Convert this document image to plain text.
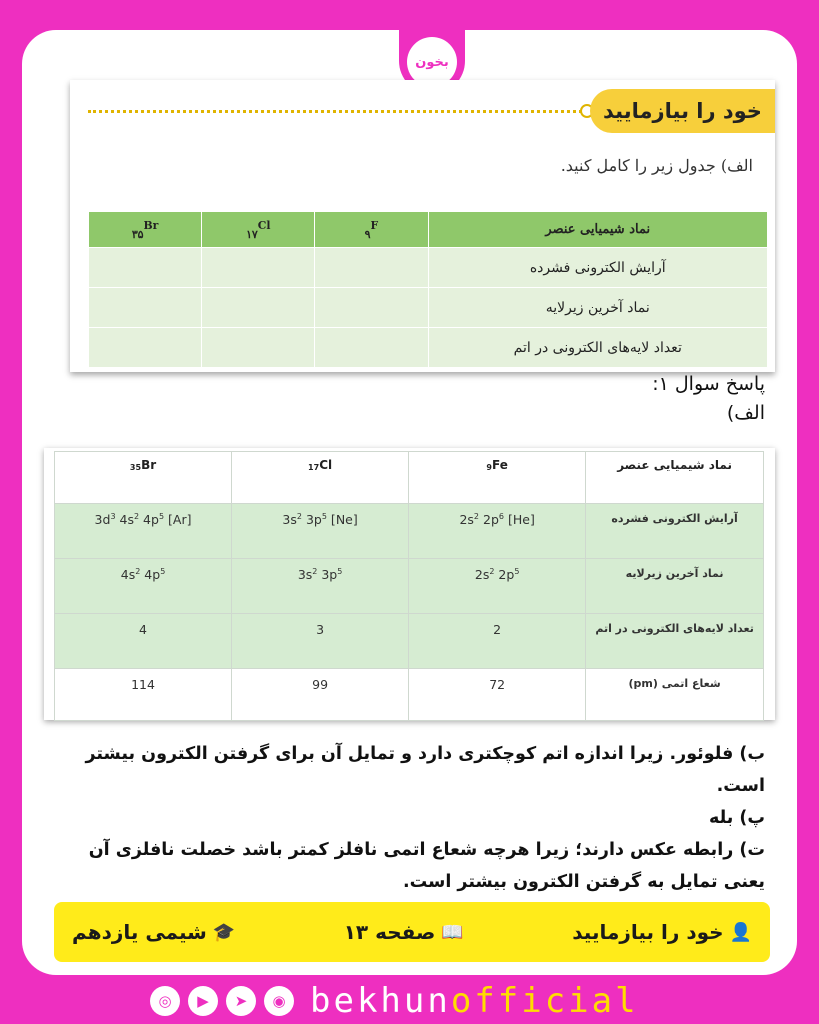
بخون
خود را بیازمایید
الف) جدول زیر را کامل کنید.
نماد شیمیایی عنصر	$_۹^F$	$_{۱۷}^{Cl}$	$_{۳۵}^{Br}$
آرایش الکترونی فشرده			
نماد آخرین زیرلایه			
تعداد لایه‌های الکترونی در اتم			
پاسخ سوال ۱:
الف)
نماد شیمیایی عنصر	9Fe	17Cl	35Br
آرایش الکترونی فشرده	[He] $2s^2$ $2p^6$	[Ne] $3s^2$ $3p^5$	[Ar] $3d^3$ $4s^2$ $4p^5$
نماد آخرین زیرلایه	$2s^2$ $2p^5$	$3s^2$ $3p^5$	$4s^2$ $4p^5$
تعداد لایه‌های الکترونی در اتم	2	3	4
شعاع اتمی (pm)	72	99	114
ب) فلوئور. زیرا اندازه اتم کوچکتری دارد و تمایل آن برای گرفتن الکترون بیشتر است.
پ) بله
ت) رابطه عکس دارند؛ زیرا هرچه شعاع اتمی نافلز کمتر باشد خصلت نافلزی آن یعنی تمایل به گرفتن الکترون بیشتر است.
👤
خود را بیازمایید
📖
صفحه ۱۳
🎓
شیمی یازدهم
◎	▶	➤	◉ bekhunofficial
